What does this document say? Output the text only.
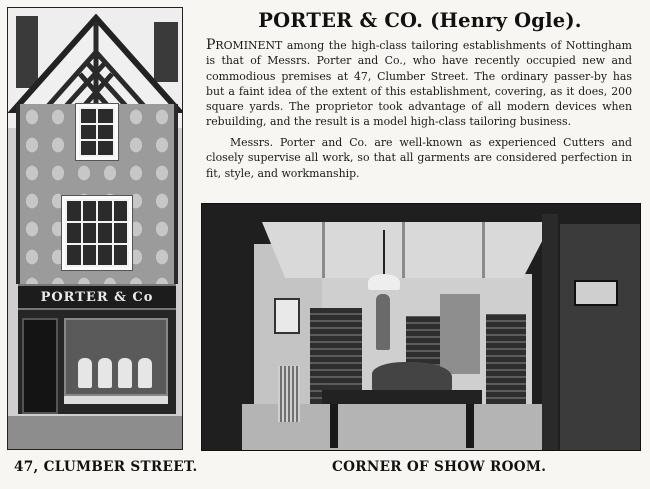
PORTER & Co
PORTER & CO. (Henry Ogle).

PROMINENT among the high-class tailoring establishments of Nottingham is that of Messrs. Porter and Co., who have recently occupied new and commodious premises at 47, Clumber Street. The ordinary passer-by has but a faint idea of the extent of this establishment, covering, as it does, 200 square yards. The proprietor took advantage of all modern devices when rebuilding, and the result is a model high-class tailoring business.

Messrs. Porter and Co. are well-known as experienced Cutters and closely supervise all work, so that all garments are considered perfection in fit, style, and workmanship.

47, CLUMBER STREET.	CORNER OF SHOW ROOM.
